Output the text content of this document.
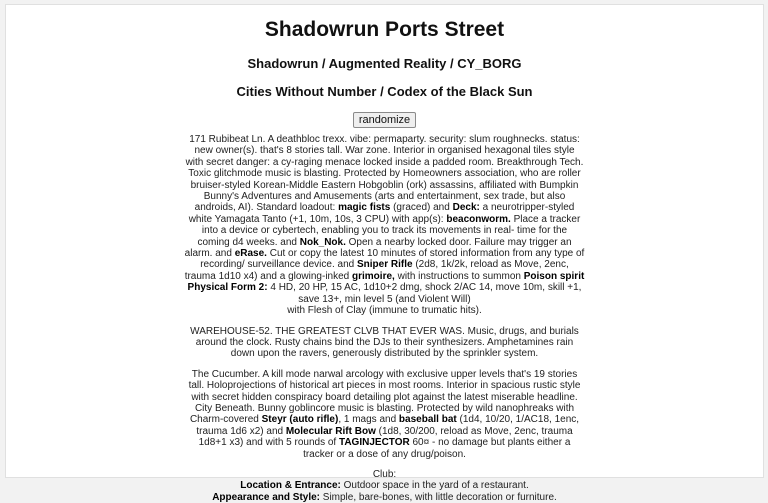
Shadowrun Ports Street
Shadowrun / Augmented Reality / CY_BORG
Cities Without Number / Codex of the Black Sun
randomize

171 Rubibeat Ln. A deathbloc trexx. vibe: permaparty. security: slum roughnecks. status: new owner(s). that's 8 stories tall. War zone. Interior in organised hexagonal tiles style with secret danger: a cy-raging menace locked inside a padded room. Breakthrough Tech. Toxic glitchmode music is blasting. Protected by Homeowners association, who are roller bruiser-styled Korean-Middle Eastern Hobgoblin (ork) assassins, affiliated with Bumpkin Bunny's Adventures and Amusements (arts and entertainment, sex trade, but also androids, AI). Standard loadout: magic fists (graced) and Deck: a neurotripper-styled white Yamagata Tanto (+1, 10m, 10s, 3 CPU) with app(s): beaconworm. Place a tracker into a device or cybertech, enabling you to track its movements in real- time for the coming d4 weeks. and Nok_Nok. Open a nearby locked door. Failure may trigger an alarm. and eRase. Cut or copy the latest 10 minutes of stored information from any type of recording/ surveillance device. and Sniper Rifle (2d8, 1k/2k, reload as Move, 2enc, trauma 1d10 x4) and a glowing-inked grimoire, with instructions to summon Poison spirit
Physical Form 2: 4 HD, 20 HP, 15 AC, 1d10+2 dmg, shock 2/AC 14, move 10m, skill +1, save 13+, min level 5 (and Violent Will)
with Flesh of Clay (immune to trumatic hits).

WAREHOUSE-52. THE GREATEST CLVB THAT EVER WAS. Music, drugs, and burials around the clock. Rusty chains bind the DJs to their synthesizers. Amphetamines rain down upon the ravers, generously distributed by the sprinkler system.

The Cucumber. A kill mode narwal arcology with exclusive upper levels that's 19 stories tall. Holoprojections of historical art pieces in most rooms. Interior in spacious rustic style with secret hidden conspiracy board detailing plot against the latest miserable headline. City Beneath. Bunny goblincore music is blasting. Protected by wild nanophreaks with Charm-covered Steyr (auto rifle), 1 mags and baseball bat (1d4, 10/20, 1/AC18, 1enc, trauma 1d6 x2) and Molecular Rift Bow (1d8, 30/200, reload as Move, 2enc, trauma 1d8+1 x3) and with 5 rounds of TAGINJECTOR 60¤ - no damage but plants either a tracker or a dose of any drug/poison.

Club:
Location & Entrance: Outdoor space in the yard of a restaurant.
Appearance and Style: Simple, bare-bones, with little decoration or furniture.
